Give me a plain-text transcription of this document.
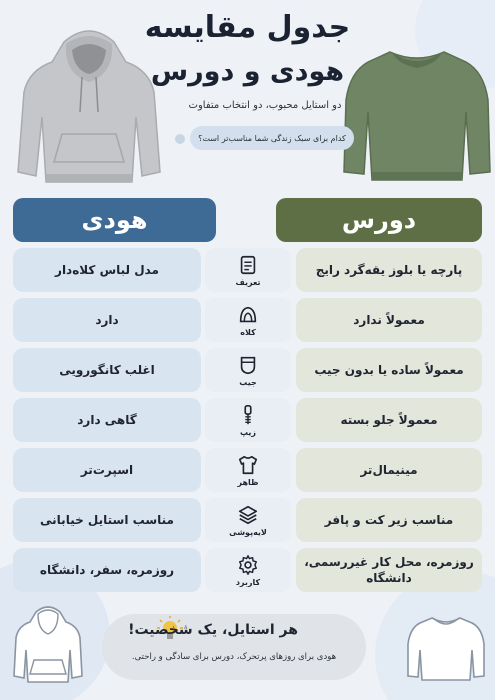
جدول مقایسه
هودی و دورس
دو استایل محبوب، دو انتخاب متفاوت
کدام برای سبک زندگی شما مناسب‌تر است؟
هودی	دورس
مدل لباس کلاه‌دار
تعریف
پارچه یا بلوز یقه‌گرد رایج
دارد
کلاه
معمولاً ندارد
اغلب کانگورویی
جیب
معمولاً ساده یا بدون جیب
گاهی دارد
زیپ
معمولاً جلو بسته
اسپرت‌تر
ظاهر
مینیمال‌تر
مناسب استایل خیابانی
لایه‌پوشی
مناسب زیر کت و پافر
روزمره، سفر، دانشگاه
کاربرد
روزمره، محل کار غیررسمی، دانشگاه
هر استایل، یک شخصیت!
هودی برای روزهای پرتحرک، دورس برای سادگی و راحتی.
